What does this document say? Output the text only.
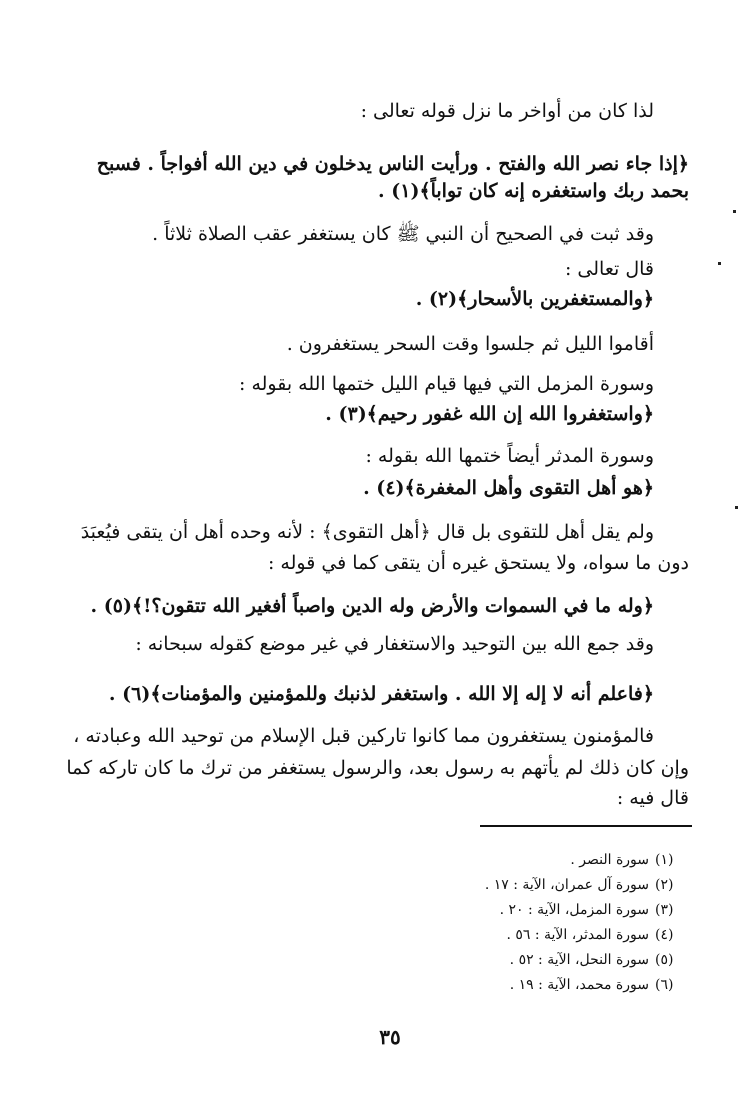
لذا كان من أواخر ما نزل قوله تعالى :

﴿إذا جاء نصر الله والفتح . ورأيت الناس يدخلون في دين الله أفواجاً . فسبح

بحمد ربك واستغفره إنه كان تواباً﴾(١) .

وقد ثبت في الصحيح أن النبي ﷺ كان يستغفر عقب الصلاة ثلاثاً .

قال تعالى :

﴿والمستغفرين بالأسحار﴾(٢) .

أقاموا الليل ثم جلسوا وقت السحر يستغفرون .

وسورة المزمل التي فيها قيام الليل ختمها الله بقوله :

﴿واستغفروا الله إن الله غفور رحيم﴾(٣) .

وسورة المدثر أيضاً ختمها الله بقوله :

﴿هو أهل التقوى وأهل المغفرة﴾(٤) .

ولم يقل أهل للتقوى بل قال ﴿أهل التقوى﴾ : لأنه وحده أهل أن يتقى فيُعبَدَ

دون ما سواه، ولا يستحق غيره أن يتقى كما في قوله :

﴿وله ما في السموات والأرض وله الدين واصباً أفغير الله تتقون؟!﴾(٥) .

وقد جمع الله بين التوحيد والاستغفار في غير موضع كقوله سبحانه :

﴿فاعلم أنه لا إله إلا الله . واستغفر لذنبك وللمؤمنين والمؤمنات﴾(٦) .

فالمؤمنون يستغفرون مما كانوا تاركين قبل الإسلام من توحيد الله وعبادته ،

وإن كان ذلك لم يأتهم به رسول بعد، والرسول يستغفر من ترك ما كان تاركه كما

قال فيه :

(١)
سورة النصر .
(٢)
سورة آل عمران، الآية : ١٧ .
(٣)
سورة المزمل، الآية : ٢٠ .
(٤)
سورة المدثر، الآية : ٥٦ .
(٥)
سورة النحل، الآية : ٥٢ .
(٦)
سورة محمد، الآية : ١٩ .
٣٥
